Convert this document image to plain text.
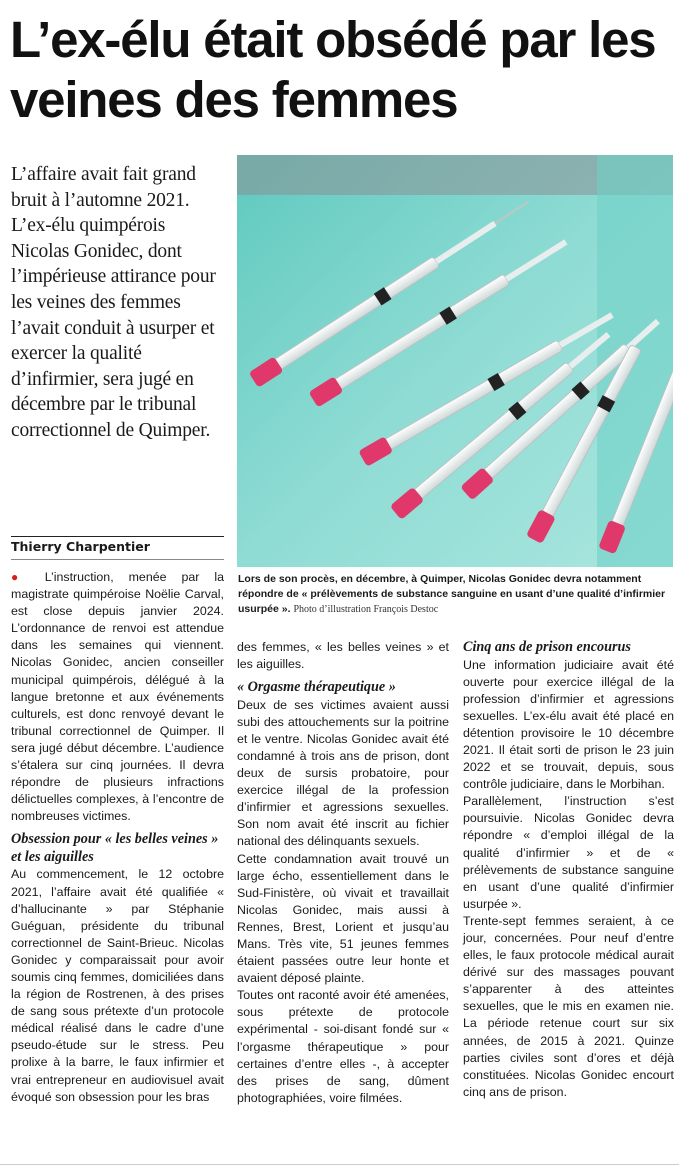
L’ex-élu était obsédé par les veines des femmes

L’affaire avait fait grand bruit à l’automne 2021. L’ex-élu quimpérois Nicolas Gonidec, dont l’impérieuse attirance pour les veines des femmes l’avait conduit à usurper et exercer la qualité d’infirmier, sera jugé en décembre par le tribunal correctionnel de Quimper.

Thierry Charpentier

Lors de son procès, en décembre, à Quimper, Nicolas Gonidec devra notamment répondre de « prélèvements de substance sanguine en usant d’une qualité d’infirmier usurpée ». Photo d’illustration François Destoc

● L’instruction, menée par la magistrate quimpéroise Noëlie Carval, est close depuis janvier 2024. L’ordonnance de renvoi est attendue dans les semaines qui viennent. Nicolas Gonidec, ancien conseiller municipal quimpérois, délégué à la langue bretonne et aux événements culturels, est donc renvoyé devant le tribunal correctionnel de Quimper. Il sera jugé début décembre. L’audience s’étalera sur cinq journées. Il devra répondre de plusieurs infractions délictuelles complexes, à l’encontre de nombreuses victimes.

Obsession pour « les belles veines » et les aiguilles

Au commencement, le 12 octobre 2021, l’affaire avait été qualifiée « d’hallucinante » par Stéphanie Guéguan, présidente du tribunal correctionnel de Saint-Brieuc. Nicolas Gonidec y comparaissait pour avoir soumis cinq femmes, domiciliées dans la région de Rostrenen, à des prises de sang sous prétexte d’un protocole médical réalisé dans le cadre d’une pseudo-étude sur le stress. Peu prolixe à la barre, le faux infirmier et vrai entrepreneur en audiovisuel avait évoqué son obsession pour les bras

des femmes, « les belles veines » et les aiguilles.

« Orgasme thérapeutique »

Deux de ses victimes avaient aussi subi des attouchements sur la poitrine et le ventre. Nicolas Gonidec avait été condamné à trois ans de prison, dont deux de sursis probatoire, pour exercice illégal de la profession d’infirmier et agressions sexuelles. Son nom avait été inscrit au fichier national des délinquants sexuels.

Cette condamnation avait trouvé un large écho, essentiellement dans le Sud-Finistère, où vivait et travaillait Nicolas Gonidec, mais aussi à Rennes, Brest, Lorient et jusqu’au Mans. Très vite, 51 jeunes femmes étaient passées outre leur honte et avaient déposé plainte.

Toutes ont raconté avoir été amenées, sous prétexte de protocole expérimental - soi-disant fondé sur « l’orgasme thérapeutique » pour certaines d’entre elles -, à accepter des prises de sang, dûment photographiées, voire filmées.

Cinq ans de prison encourus

Une information judiciaire avait été ouverte pour exercice illégal de la profession d’infirmier et agressions sexuelles. L’ex-élu avait été placé en détention provisoire le 10 décembre 2021. Il était sorti de prison le 23 juin 2022 et se trouvait, depuis, sous contrôle judiciaire, dans le Morbihan.

Parallèlement, l’instruction s’est poursuivie. Nicolas Gonidec devra répondre « d’emploi illégal de la qualité d’infirmier » et de « prélèvements de substance sanguine en usant d’une qualité d’infirmier usurpée ».

Trente-sept femmes seraient, à ce jour, concernées. Pour neuf d’entre elles, le faux protocole médical aurait dérivé sur des massages pouvant s’apparenter à des atteintes sexuelles, que le mis en examen nie. La période retenue court sur six années, de 2015 à 2021. Quinze parties civiles sont d’ores et déjà constituées. Nicolas Gonidec encourt cinq ans de prison.
